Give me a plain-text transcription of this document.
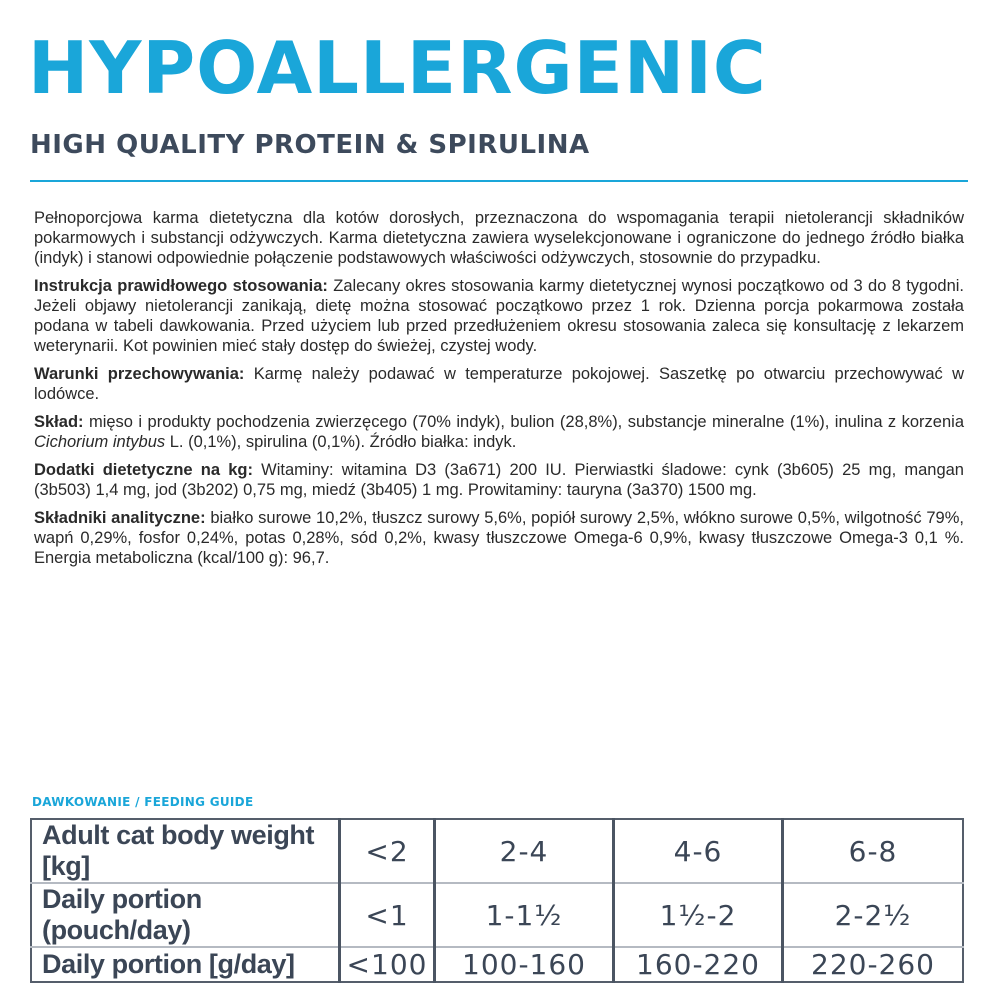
HYPOALLERGENIC
HIGH QUALITY PROTEIN & SPIRULINA

Pełnoporcjowa karma dietetyczna dla kotów dorosłych, przeznaczona do wspomagania terapii nietolerancji składników pokarmowych i substancji odżywczych. Karma dietetyczna zawiera wyselekcjonowane i ograniczone do jednego źródło białka (indyk) i stanowi odpowiednie połączenie podstawowych właściwości odżywczych, stosownie do przypadku.

Instrukcja prawidłowego stosowania: Zalecany okres stosowania karmy dietetycznej wynosi początkowo od 3 do 8 tygodni. Jeżeli objawy nietolerancji zanikają, dietę można stosować początkowo przez 1 rok. Dzienna porcja pokarmowa została podana w tabeli dawkowania. Przed użyciem lub przed przedłużeniem okresu stosowania zaleca się konsultację z lekarzem weterynarii. Kot powinien mieć stały dostęp do świeżej, czystej wody.

Warunki przechowywania: Karmę należy podawać w temperaturze pokojowej. Saszetkę po otwarciu przechowywać w lodówce.

Skład: mięso i produkty pochodzenia zwierzęcego (70% indyk), bulion (28,8%), substancje mineralne (1%), inulina z korzenia Cichorium intybus L. (0,1%), spirulina (0,1%). Źródło białka: indyk.

Dodatki dietetyczne na kg: Witaminy: witamina D3 (3a671) 200 IU. Pierwiastki śladowe: cynk (3b605) 25 mg, mangan (3b503) 1,4 mg, jod (3b202) 0,75 mg, miedź (3b405) 1 mg. Prowitaminy: tauryna (3a370) 1500 mg.

Składniki analityczne: białko surowe 10,2%, tłuszcz surowy 5,6%, popiół surowy 2,5%, włókno surowe 0,5%, wilgotność 79%, wapń 0,29%, fosfor 0,24%, potas 0,28%, sód 0,2%, kwasy tłuszczowe Omega-6 0,9%, kwasy tłuszczowe Omega-3 0,1 %. Energia metaboliczna (kcal/100 g): 96,7.

DAWKOWANIE / FEEDING GUIDE
Adult cat body weight [kg]	<2	2-4	4-6	6-8
Daily portion (pouch/day)	<1	1-1½	1½-2	2-2½
Daily portion [g/day]	<100	100-160	160-220	220-260
